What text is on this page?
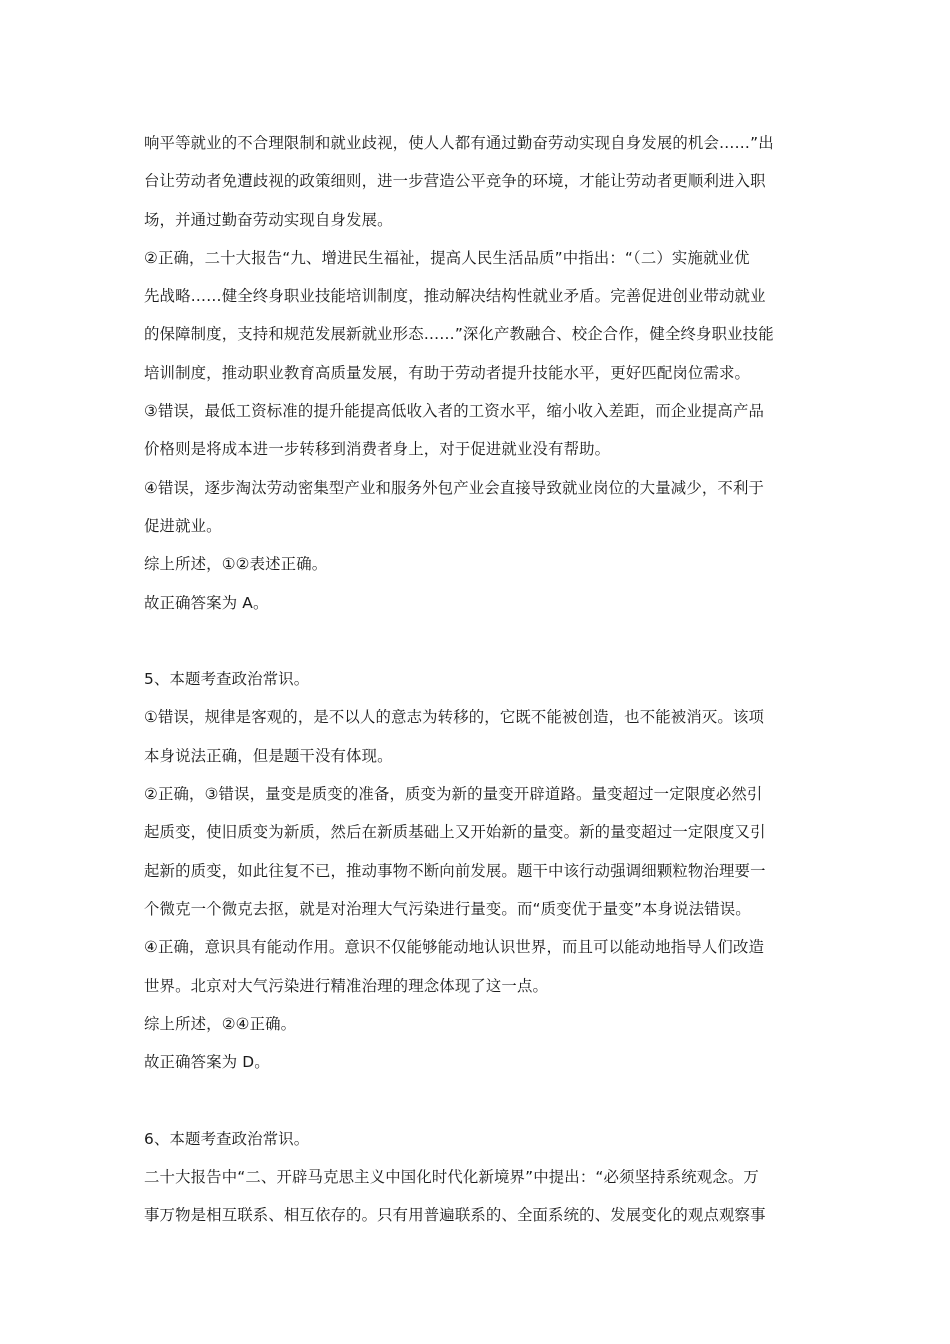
响平等就业的不合理限制和就业歧视，使人人都有通过勤奋劳动实现自身发展的机会……”出
台让劳动者免遭歧视的政策细则，进一步营造公平竞争的环境，才能让劳动者更顺利进入职
场，并通过勤奋劳动实现自身发展。
②正确，二十大报告“九、增进民生福祉，提高人民生活品质”中指出：“（二）实施就业优
先战略……健全终身职业技能培训制度，推动解决结构性就业矛盾。完善促进创业带动就业
的保障制度，支持和规范发展新就业形态……”深化产教融合、校企合作，健全终身职业技能
培训制度，推动职业教育高质量发展，有助于劳动者提升技能水平，更好匹配岗位需求。
③错误，最低工资标准的提升能提高低收入者的工资水平，缩小收入差距，而企业提高产品
价格则是将成本进一步转移到消费者身上，对于促进就业没有帮助。
④错误，逐步淘汰劳动密集型产业和服务外包产业会直接导致就业岗位的大量减少，不利于
促进就业。
综上所述，①②表述正确。
故正确答案为 A。
5、本题考查政治常识。
①错误，规律是客观的，是不以人的意志为转移的，它既不能被创造，也不能被消灭。该项
本身说法正确，但是题干没有体现。
②正确，③错误，量变是质变的准备，质变为新的量变开辟道路。量变超过一定限度必然引
起质变，使旧质变为新质，然后在新质基础上又开始新的量变。新的量变超过一定限度又引
起新的质变，如此往复不已，推动事物不断向前发展。题干中该行动强调细颗粒物治理要一
个微克一个微克去抠，就是对治理大气污染进行量变。而“质变优于量变”本身说法错误。
④正确，意识具有能动作用。意识不仅能够能动地认识世界，而且可以能动地指导人们改造
世界。北京对大气污染进行精准治理的理念体现了这一点。
综上所述，②④正确。
故正确答案为 D。
6、本题考查政治常识。
二十大报告中“二、开辟马克思主义中国化时代化新境界”中提出：“必须坚持系统观念。万
事万物是相互联系、相互依存的。只有用普遍联系的、全面系统的、发展变化的观点观察事
